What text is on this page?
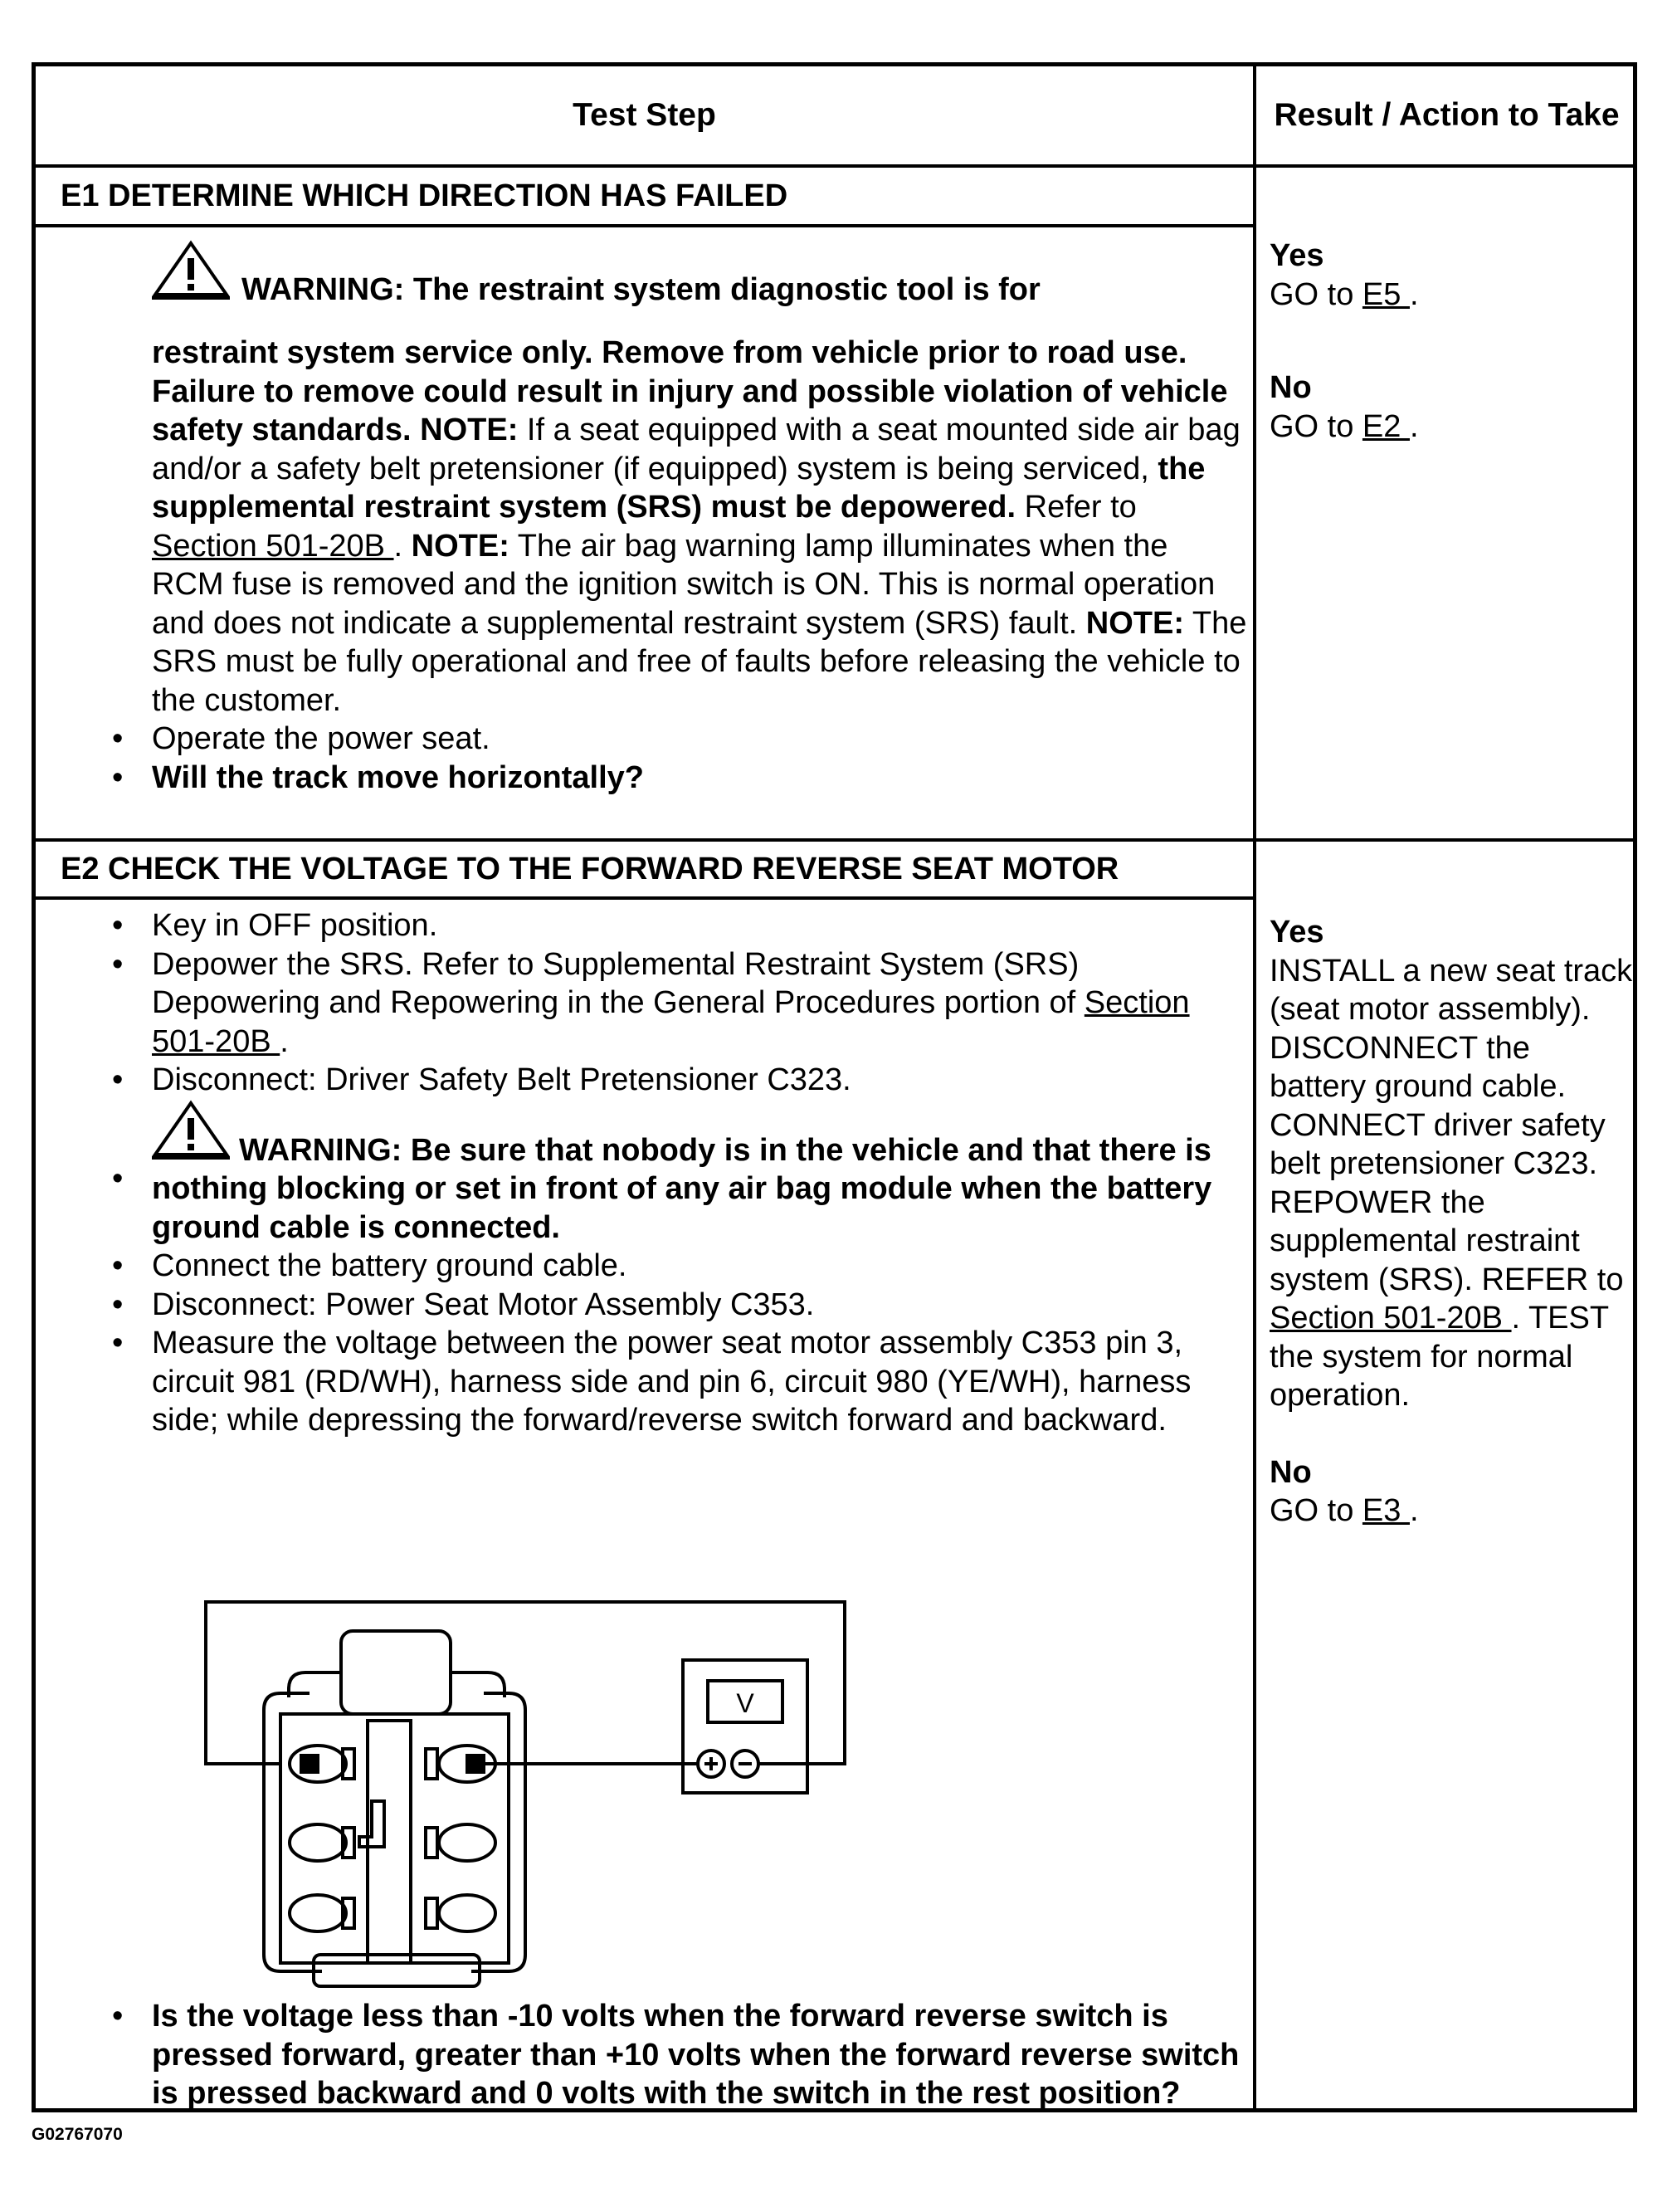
Test Step	Result / Action to Take
E1 DETERMINE WHICH DIRECTION HAS FAILED
WARNING: The restraint system diagnostic tool is for
restraint system service only. Remove from vehicle prior to road use. Failure to remove could result in injury and possible violation of vehicle safety standards. NOTE: If a seat equipped with a seat mounted side air bag and/or a safety belt pretensioner (if equipped) system is being serviced, the supplemental restraint system (SRS) must be depowered. Refer to Section 501-20B . NOTE: The air bag warning lamp illuminates when the RCM fuse is removed and the ignition switch is ON. This is normal operation and does not indicate a supplemental restraint system (SRS) fault. NOTE: The SRS must be fully operational and free of faults before releasing the vehicle to the customer.
• Operate the power seat.
• Will the track move horizontally?
Yes
GO to E5 .
No
GO to E2 .
E2 CHECK THE VOLTAGE TO THE FORWARD REVERSE SEAT MOTOR
• Key in OFF position.
• Depower the SRS. Refer to Supplemental Restraint System (SRS) Depowering and Repowering in the General Procedures portion of Section 501-20B .
• Disconnect: Driver Safety Belt Pretensioner C323.
•
WARNING: Be sure that nobody is in the vehicle and that there is nothing blocking or set in front of any air bag module when the battery ground cable is connected.
• Connect the battery ground cable.
• Disconnect: Power Seat Motor Assembly C353.
• Measure the voltage between the power seat motor assembly C353 pin 3, circuit 981 (RD/WH), harness side and pin 6, circuit 980 (YE/WH), harness side; while depressing the forward/reverse switch forward and backward.
V
• Is the voltage less than -10 volts when the forward reverse switch is pressed forward, greater than +10 volts when the forward reverse switch is pressed backward and 0 volts with the switch in the rest position?
Yes
INSTALL a new seat track (seat motor assembly). DISCONNECT the battery ground cable. CONNECT driver safety belt pretensioner C323. REPOWER the supplemental restraint system (SRS). REFER to Section 501-20B . TEST the system for normal operation.
No
GO to E3 .
G02767070
